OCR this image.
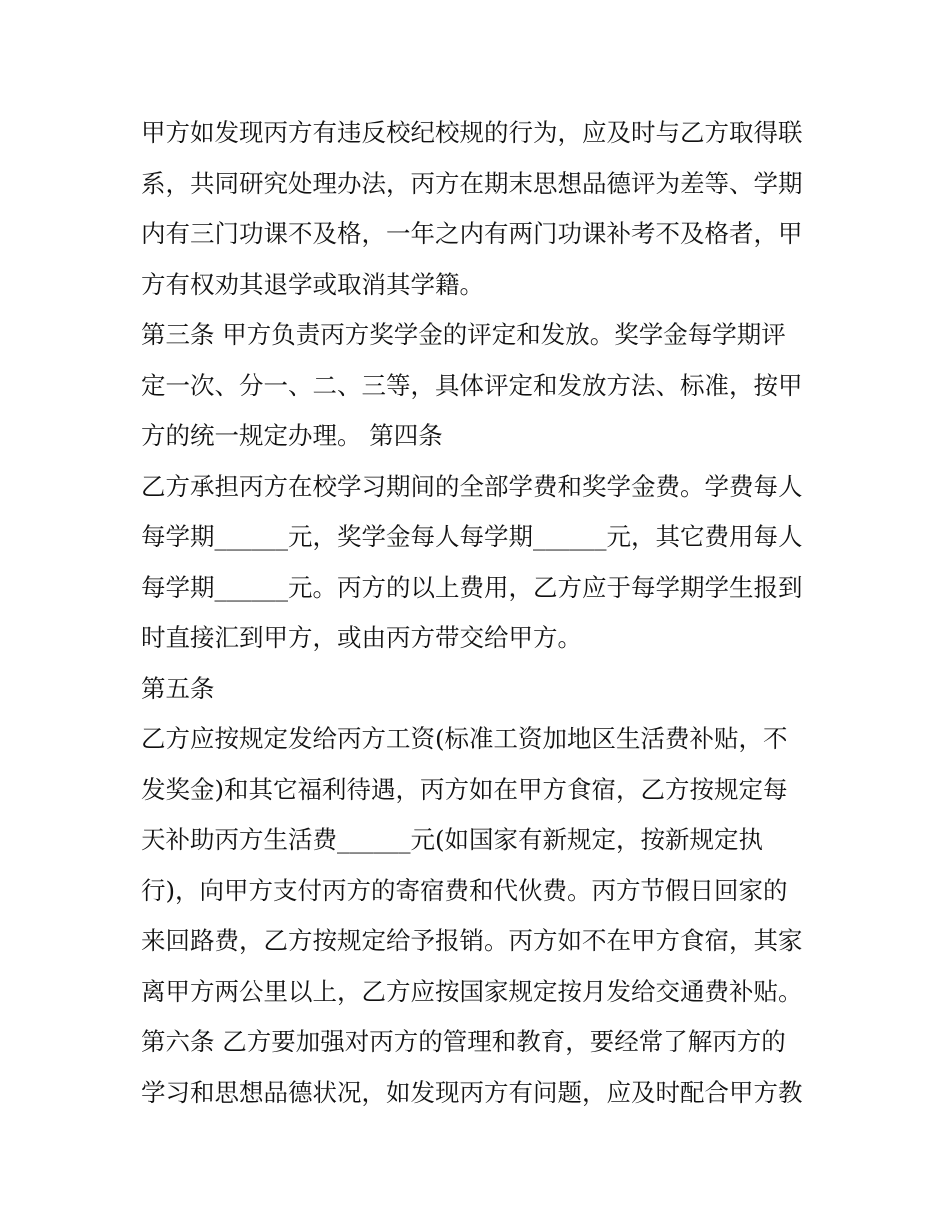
甲方如发现丙方有违反校纪校规的行为，应及时与乙方取得联
系，共同研究处理办法，丙方在期末思想品德评为差等、学期
内有三门功课不及格，一年之内有两门功课补考不及格者，甲
方有权劝其退学或取消其学籍。
第三条 甲方负责丙方奖学金的评定和发放。奖学金每学期评
定一次、分一、二、三等，具体评定和发放方法、标准，按甲
方的统一规定办理。 第四条
乙方承担丙方在校学习期间的全部学费和奖学金费。学费每人
每学期______元，奖学金每人每学期______元，其它费用每人
每学期______元。丙方的以上费用，乙方应于每学期学生报到
时直接汇到甲方，或由丙方带交给甲方。
第五条
乙方应按规定发给丙方工资(标准工资加地区生活费补贴，不
发奖金)和其它福利待遇，丙方如在甲方食宿，乙方按规定每
天补助丙方生活费______元(如国家有新规定，按新规定执
行)，向甲方支付丙方的寄宿费和代伙费。丙方节假日回家的
来回路费，乙方按规定给予报销。丙方如不在甲方食宿，其家
离甲方两公里以上，乙方应按国家规定按月发给交通费补贴。
第六条 乙方要加强对丙方的管理和教育，要经常了解丙方的
学习和思想品德状况，如发现丙方有问题，应及时配合甲方教
